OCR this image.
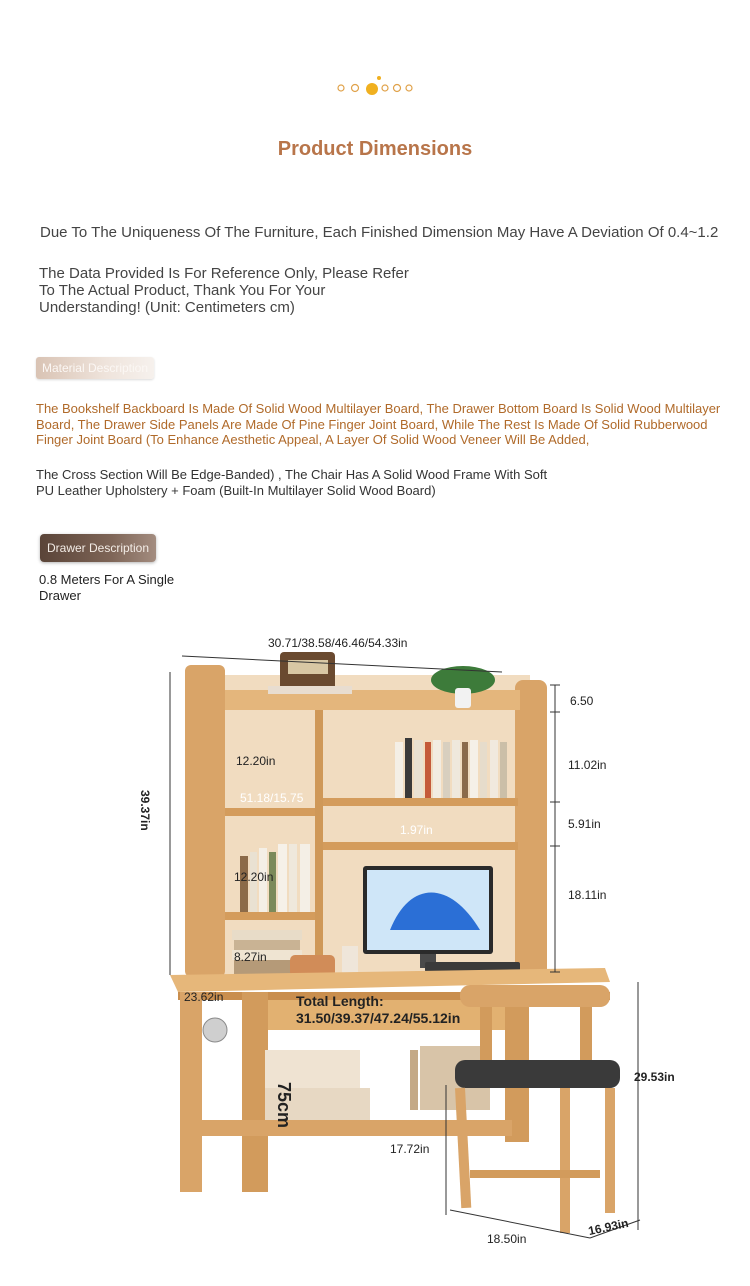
Product Dimensions
Due To The Uniqueness Of The Furniture, Each Finished Dimension May Have A Deviation Of 0.4~1.2
The Data Provided Is For Reference Only, Please Refer To The Actual Product, Thank You For Your Understanding! (Unit: Centimeters cm)
Material Description
The Bookshelf Backboard Is Made Of Solid Wood Multilayer Board, The Drawer Bottom Board Is Solid Wood Multilayer Board, The Drawer Side Panels Are Made Of Pine Finger Joint Board, While The Rest Is Made Of Solid Rubberwood Finger Joint Board (To Enhance Aesthetic Appeal, A Layer Of Solid Wood Veneer Will Be Added,
The Cross Section Will Be Edge-Banded) , The Chair Has A Solid Wood Frame With Soft PU Leather Upholstery + Foam (Built-In Multilayer Solid Wood Board)
Drawer Description
0.8 Meters For A Single Drawer
30.71/38.58/46.46/54.33in
39.37in
6.50
11.02in
5.91in
18.11in
12.20in
51.18/15.75
12.20in
8.27in
1.97in
23.62in	Total Length:
31.50/39.37/47.24/55.12in
75cm
29.53in
17.72in
18.50in
16.93in
